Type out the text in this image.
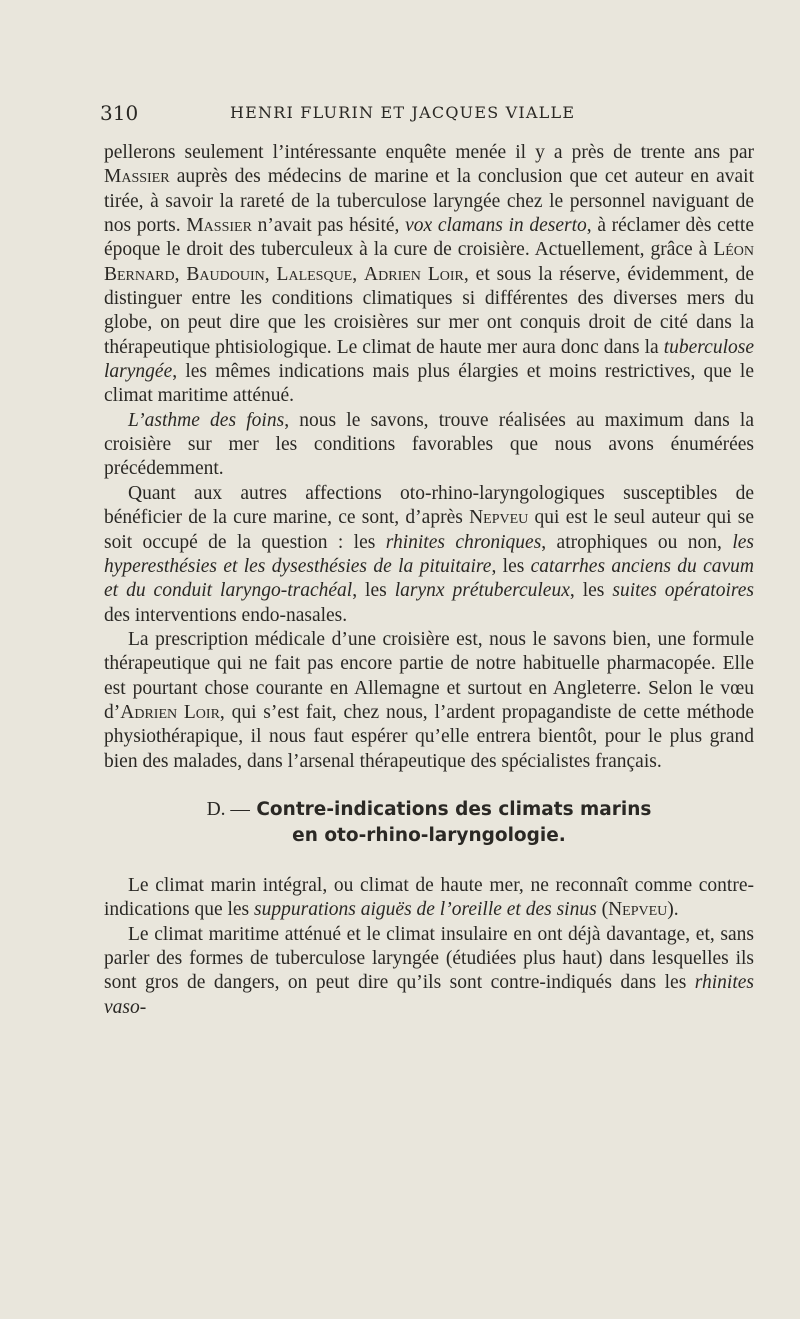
310	HENRI FLURIN ET JACQUES VIALLE

pellerons seulement l’intéressante enquête menée il y a près de trente ans par Massier auprès des médecins de marine et la conclusion que cet auteur en avait tirée, à savoir la rareté de la tuberculose laryngée chez le personnel naviguant de nos ports. Massier n’avait pas hésité, vox clamans in deserto, à réclamer dès cette époque le droit des tuberculeux à la cure de croisière. Actuellement, grâce à Léon Bernard, Baudouin, Lalesque, Adrien Loir, et sous la réserve, évidemment, de distinguer entre les conditions climatiques si différentes des diverses mers du globe, on peut dire que les croisières sur mer ont conquis droit de cité dans la thérapeutique phtisiologique. Le climat de haute mer aura donc dans la tuberculose laryngée, les mêmes indications mais plus élargies et moins restrictives, que le climat maritime atténué.

L’asthme des foins, nous le savons, trouve réalisées au maximum dans la croisière sur mer les conditions favorables que nous avons énumérées précédemment.

Quant aux autres affections oto-rhino-laryngologiques susceptibles de bénéficier de la cure marine, ce sont, d’après Nepveu qui est le seul auteur qui se soit occupé de la question : les rhinites chroniques, atrophiques ou non, les hyperesthésies et les dysesthésies de la pituitaire, les catarrhes anciens du cavum et du conduit laryngo-trachéal, les larynx prétuberculeux, les suites opératoires des interventions endo-nasales.

La prescription médicale d’une croisière est, nous le savons bien, une formule thérapeutique qui ne fait pas encore partie de notre habituelle pharmacopée. Elle est pourtant chose courante en Allemagne et surtout en Angleterre. Selon le vœu d’Adrien Loir, qui s’est fait, chez nous, l’ardent propagandiste de cette méthode physiothérapique, il nous faut espérer qu’elle entrera bientôt, pour le plus grand bien des malades, dans l’arsenal thérapeutique des spécialistes français.

D. — Contre-indications des climats marins
en oto-rhino-laryngologie.

Le climat marin intégral, ou climat de haute mer, ne reconnaît comme contre-indications que les suppurations aiguës de l’oreille et des sinus (Nepveu).

Le climat maritime atténué et le climat insulaire en ont déjà davantage, et, sans parler des formes de tuberculose laryngée (étudiées plus haut) dans lesquelles ils sont gros de dangers, on peut dire qu’ils sont contre-indiqués dans les rhinites vaso-
